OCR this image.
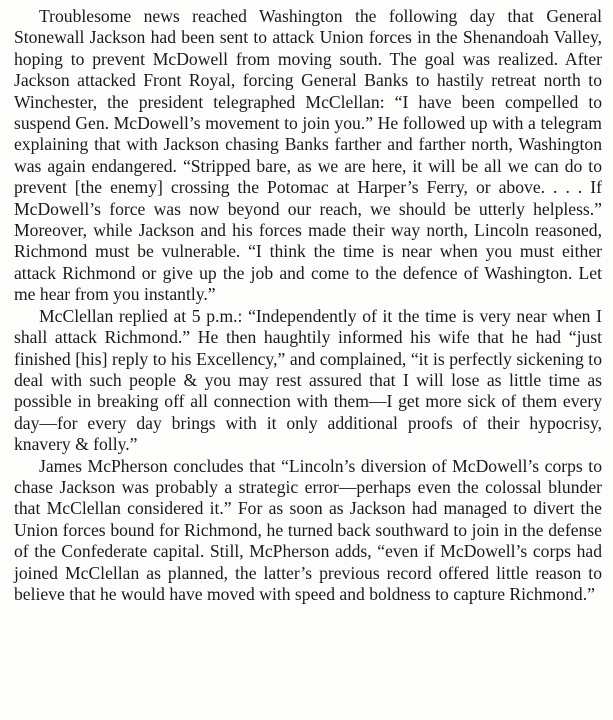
Troublesome news reached Washington the following day that General Stonewall Jackson had been sent to attack Union forces in the Shenandoah Valley, hoping to prevent McDowell from moving south. The goal was realized. After Jackson attacked Front Royal, forcing General Banks to hastily retreat north to Winchester, the president telegraphed McClellan: “I have been compelled to suspend Gen. McDowell’s movement to join you.” He followed up with a telegram explaining that with Jackson chasing Banks farther and farther north, Washington was again endangered. “Stripped bare, as we are here, it will be all we can do to prevent [the enemy] crossing the Potomac at Harper’s Ferry, or above. . . . If McDowell’s force was now beyond our reach, we should be utterly helpless.” Moreover, while Jackson and his forces made their way north, Lincoln reasoned, Richmond must be vulnerable. “I think the time is near when you must either attack Richmond or give up the job and come to the defence of Washington. Let me hear from you instantly.”

McClellan replied at 5 p.m.: “Independently of it the time is very near when I shall attack Richmond.” He then haughtily informed his wife that he had “just finished [his] reply to his Excellency,” and complained, “it is perfectly sickening to deal with such people & you may rest assured that I will lose as little time as possible in breaking off all connection with them—I get more sick of them every day—for every day brings with it only additional proofs of their hypocrisy, knavery & folly.”

James McPherson concludes that “Lincoln’s diversion of McDowell’s corps to chase Jackson was probably a strategic error—perhaps even the colossal blunder that McClellan considered it.” For as soon as Jackson had managed to divert the Union forces bound for Richmond, he turned back southward to join in the defense of the Confederate capital. Still, McPherson adds, “even if McDowell’s corps had joined McClellan as planned, the latter’s previous record offered little reason to believe that he would have moved with speed and boldness to capture Richmond.”
